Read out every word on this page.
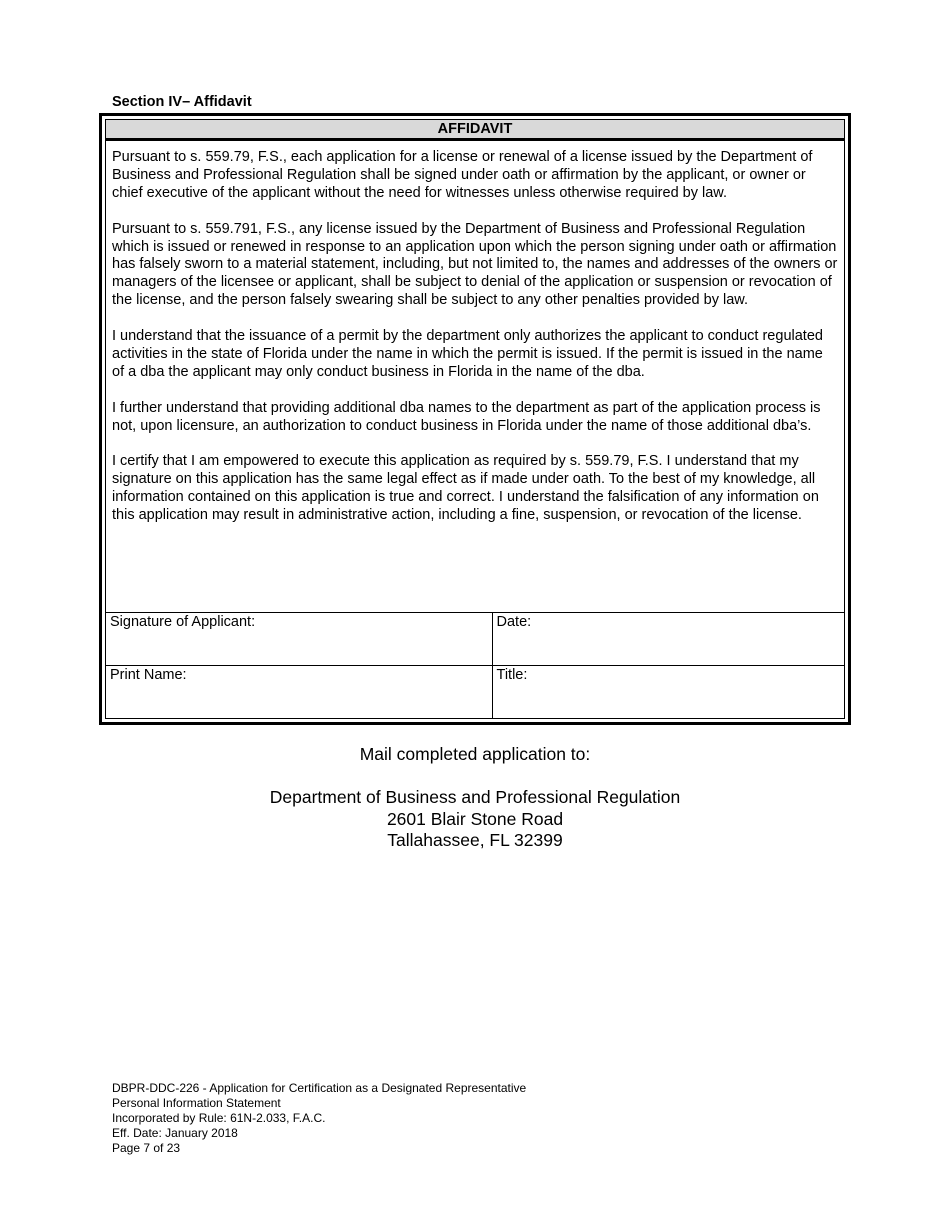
Section IV– Affidavit
AFFIDAVIT

Pursuant to s. 559.79, F.S., each application for a license or renewal of a license issued by the Department of Business and Professional Regulation shall be signed under oath or affirmation by the applicant, or owner or chief executive of the applicant without the need for witnesses unless otherwise required by law.

Pursuant to s. 559.791, F.S., any license issued by the Department of Business and Professional Regulation which is issued or renewed in response to an application upon which the person signing under oath or affirmation has falsely sworn to a material statement, including, but not limited to, the names and addresses of the owners or managers of the licensee or applicant, shall be subject to denial of the application or suspension or revocation of the license, and the person falsely swearing shall be subject to any other penalties provided by law.

I understand that the issuance of a permit by the department only authorizes the applicant to conduct regulated activities in the state of Florida under the name in which the permit is issued. If the permit is issued in the name of a dba the applicant may only conduct business in Florida in the name of the dba.

I further understand that providing additional dba names to the department as part of the application process is not, upon licensure, an authorization to conduct business in Florida under the name of those additional dba’s.

I certify that I am empowered to execute this application as required by s. 559.79, F.S. I understand that my signature on this application has the same legal effect as if made under oath. To the best of my knowledge, all information contained on this application is true and correct. I understand the falsification of any information on this application may result in administrative action, including a fine, suspension, or revocation of the license.

Signature of Applicant:	Date:
Print Name:	Title:
Mail completed application to:
Department of Business and Professional Regulation
2601 Blair Stone Road
Tallahassee, FL 32399
DBPR-DDC-226 - Application for Certification as a Designated Representative
Personal Information Statement
Incorporated by Rule: 61N-2.033, F.A.C.
Eff. Date: January 2018
Page 7 of 23
